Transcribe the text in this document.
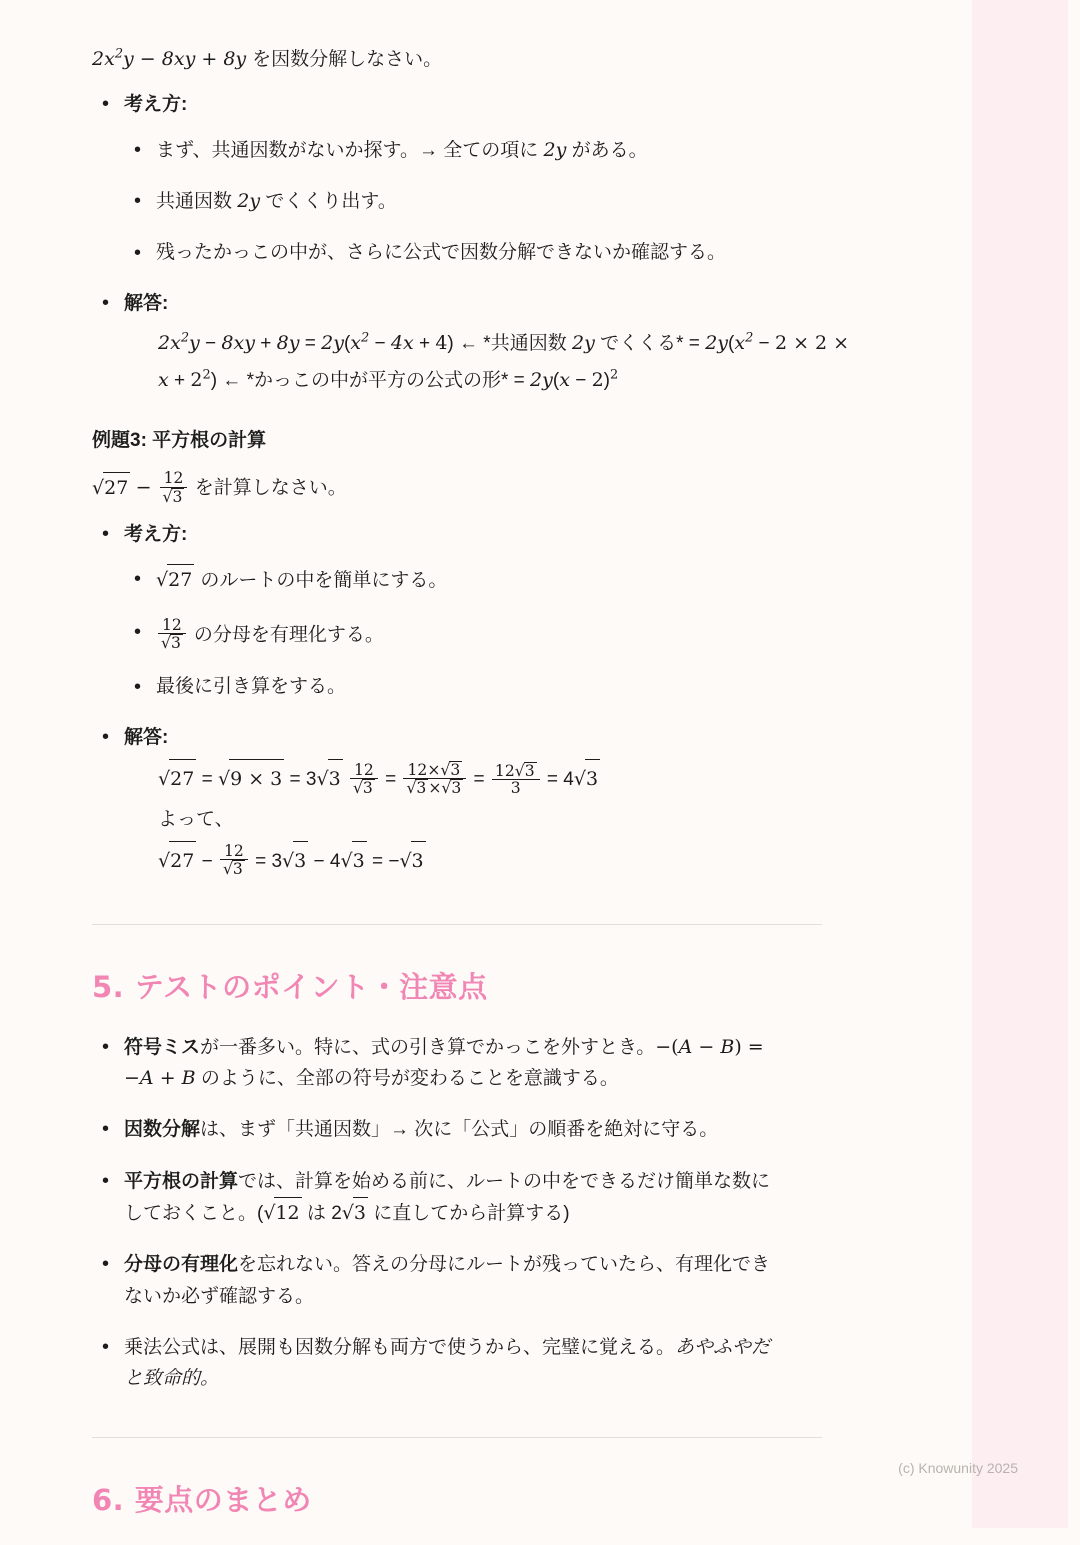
$2x^2y - 8xy + 8y$ を因数分解しなさい。

• 考え方:
• まず、共通因数がないか探す。→ 全ての項に 2y がある。
• 共通因数 2y でくくり出す。
• 残ったかっこの中が、さらに公式で因数分解できないか確認する。
• 解答:
$2x^2y - 8xy + 8y = 2y(x^2 - 4x + 4)$ ← *共通因数 2y でくくる* = $2y(x^2 - 2 \times 2$ ×
$x + 2^2$) ← *かっこの中が平方の公式の形* = $2y(x - 2)^2$
例題3: 平方根の計算

$√27 - \frac{12}{√3}$ を計算しなさい。

• 考え方:
• √27 のルートの中を簡単にする。
• $\frac{12}{√3}$ の分母を有理化する。
• 最後に引き算をする。
• 解答:
$√27 = √9 \times 3 = 3√3 \frac{12}{√3} = \frac{12\times√3}{√3 \times√3} = \frac{12√3}{3} = 4√3$
よって、
$√27 - \frac{12}{√3} = 3√3 - 4√3 = -√3$
5. テストのポイント・注意点
• 符号ミスが一番多い。特に、式の引き算でかっこを外すとき。−(A − B) =
−A + B のように、全部の符号が変わることを意識する。
• 因数分解は、まず「共通因数」→ 次に「公式」の順番を絶対に守る。
• 平方根の計算では、計算を始める前に、ルートの中をできるだけ簡単な数に
しておくこと。(√12 は 2√3 に直してから計算する)
• 分母の有理化を忘れない。答えの分母にルートが残っていたら、有理化でき
ないか必ず確認する。
• 乗法公式は、展開も因数分解も両方で使うから、完璧に覚える。あやふやだ
と致命的。
6. 要点のまとめ
(c) Knowunity 2025
